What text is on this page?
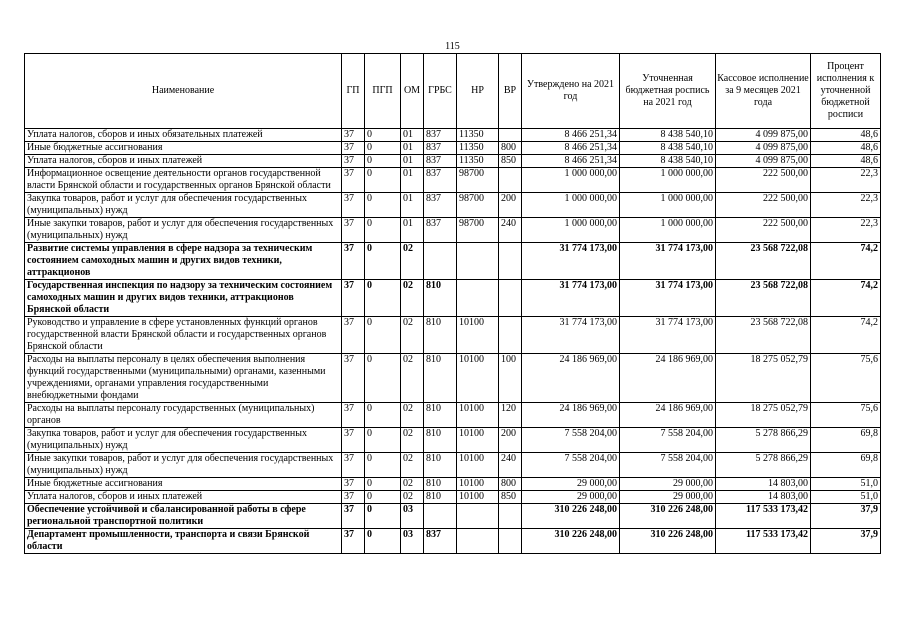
115
Наименование	ГП	ПГП	ОМ	ГРБС	НР	ВР	Утверждено на 2021 год	Уточненная бюджетная роспись на 2021 год	Кассовое исполнение за 9 месяцев 2021 года	Процент исполнения к уточненной бюджетной росписи
Уплата налогов, сборов и иных обязательных платежей	37	0	01	837	11350		8 466 251,34	8 438 540,10	4 099 875,00	48,6
Иные бюджетные ассигнования	37	0	01	837	11350	800	8 466 251,34	8 438 540,10	4 099 875,00	48,6
Уплата налогов, сборов и иных платежей	37	0	01	837	11350	850	8 466 251,34	8 438 540,10	4 099 875,00	48,6
Информационное освещение деятельности органов государственной власти Брянской области и государственных органов Брянской области	37	0	01	837	98700		1 000 000,00	1 000 000,00	222 500,00	22,3
Закупка товаров, работ и услуг для обеспечения государственных (муниципальных) нужд	37	0	01	837	98700	200	1 000 000,00	1 000 000,00	222 500,00	22,3
Иные закупки товаров, работ и услуг для обеспечения государственных (муниципальных) нужд	37	0	01	837	98700	240	1 000 000,00	1 000 000,00	222 500,00	22,3
Развитие системы управления в сфере надзора за техническим состоянием самоходных машин и других видов техники, аттракционов	37	0	02				31 774 173,00	31 774 173,00	23 568 722,08	74,2
Государственная инспекция по надзору за техническим состоянием самоходных машин и других видов техники, аттракционов Брянской области	37	0	02	810			31 774 173,00	31 774 173,00	23 568 722,08	74,2
Руководство и управление в сфере установленных функций органов государственной власти Брянской области и государственных органов Брянской области	37	0	02	810	10100		31 774 173,00	31 774 173,00	23 568 722,08	74,2
Расходы на выплаты персоналу в целях обеспечения выполнения функций государственными (муниципальными) органами, казенными учреждениями, органами управления государственными внебюджетными фондами	37	0	02	810	10100	100	24 186 969,00	24 186 969,00	18 275 052,79	75,6
Расходы на выплаты персоналу государственных (муниципальных) органов	37	0	02	810	10100	120	24 186 969,00	24 186 969,00	18 275 052,79	75,6
Закупка товаров, работ и услуг для обеспечения государственных (муниципальных) нужд	37	0	02	810	10100	200	7 558 204,00	7 558 204,00	5 278 866,29	69,8
Иные закупки товаров, работ и услуг для обеспечения государственных (муниципальных) нужд	37	0	02	810	10100	240	7 558 204,00	7 558 204,00	5 278 866,29	69,8
Иные бюджетные ассигнования	37	0	02	810	10100	800	29 000,00	29 000,00	14 803,00	51,0
Уплата налогов, сборов и иных платежей	37	0	02	810	10100	850	29 000,00	29 000,00	14 803,00	51,0
Обеспечение устойчивой и сбалансированной работы в сфере региональной транспортной политики	37	0	03				310 226 248,00	310 226 248,00	117 533 173,42	37,9
Департамент промышленности, транспорта и связи Брянской области	37	0	03	837			310 226 248,00	310 226 248,00	117 533 173,42	37,9
